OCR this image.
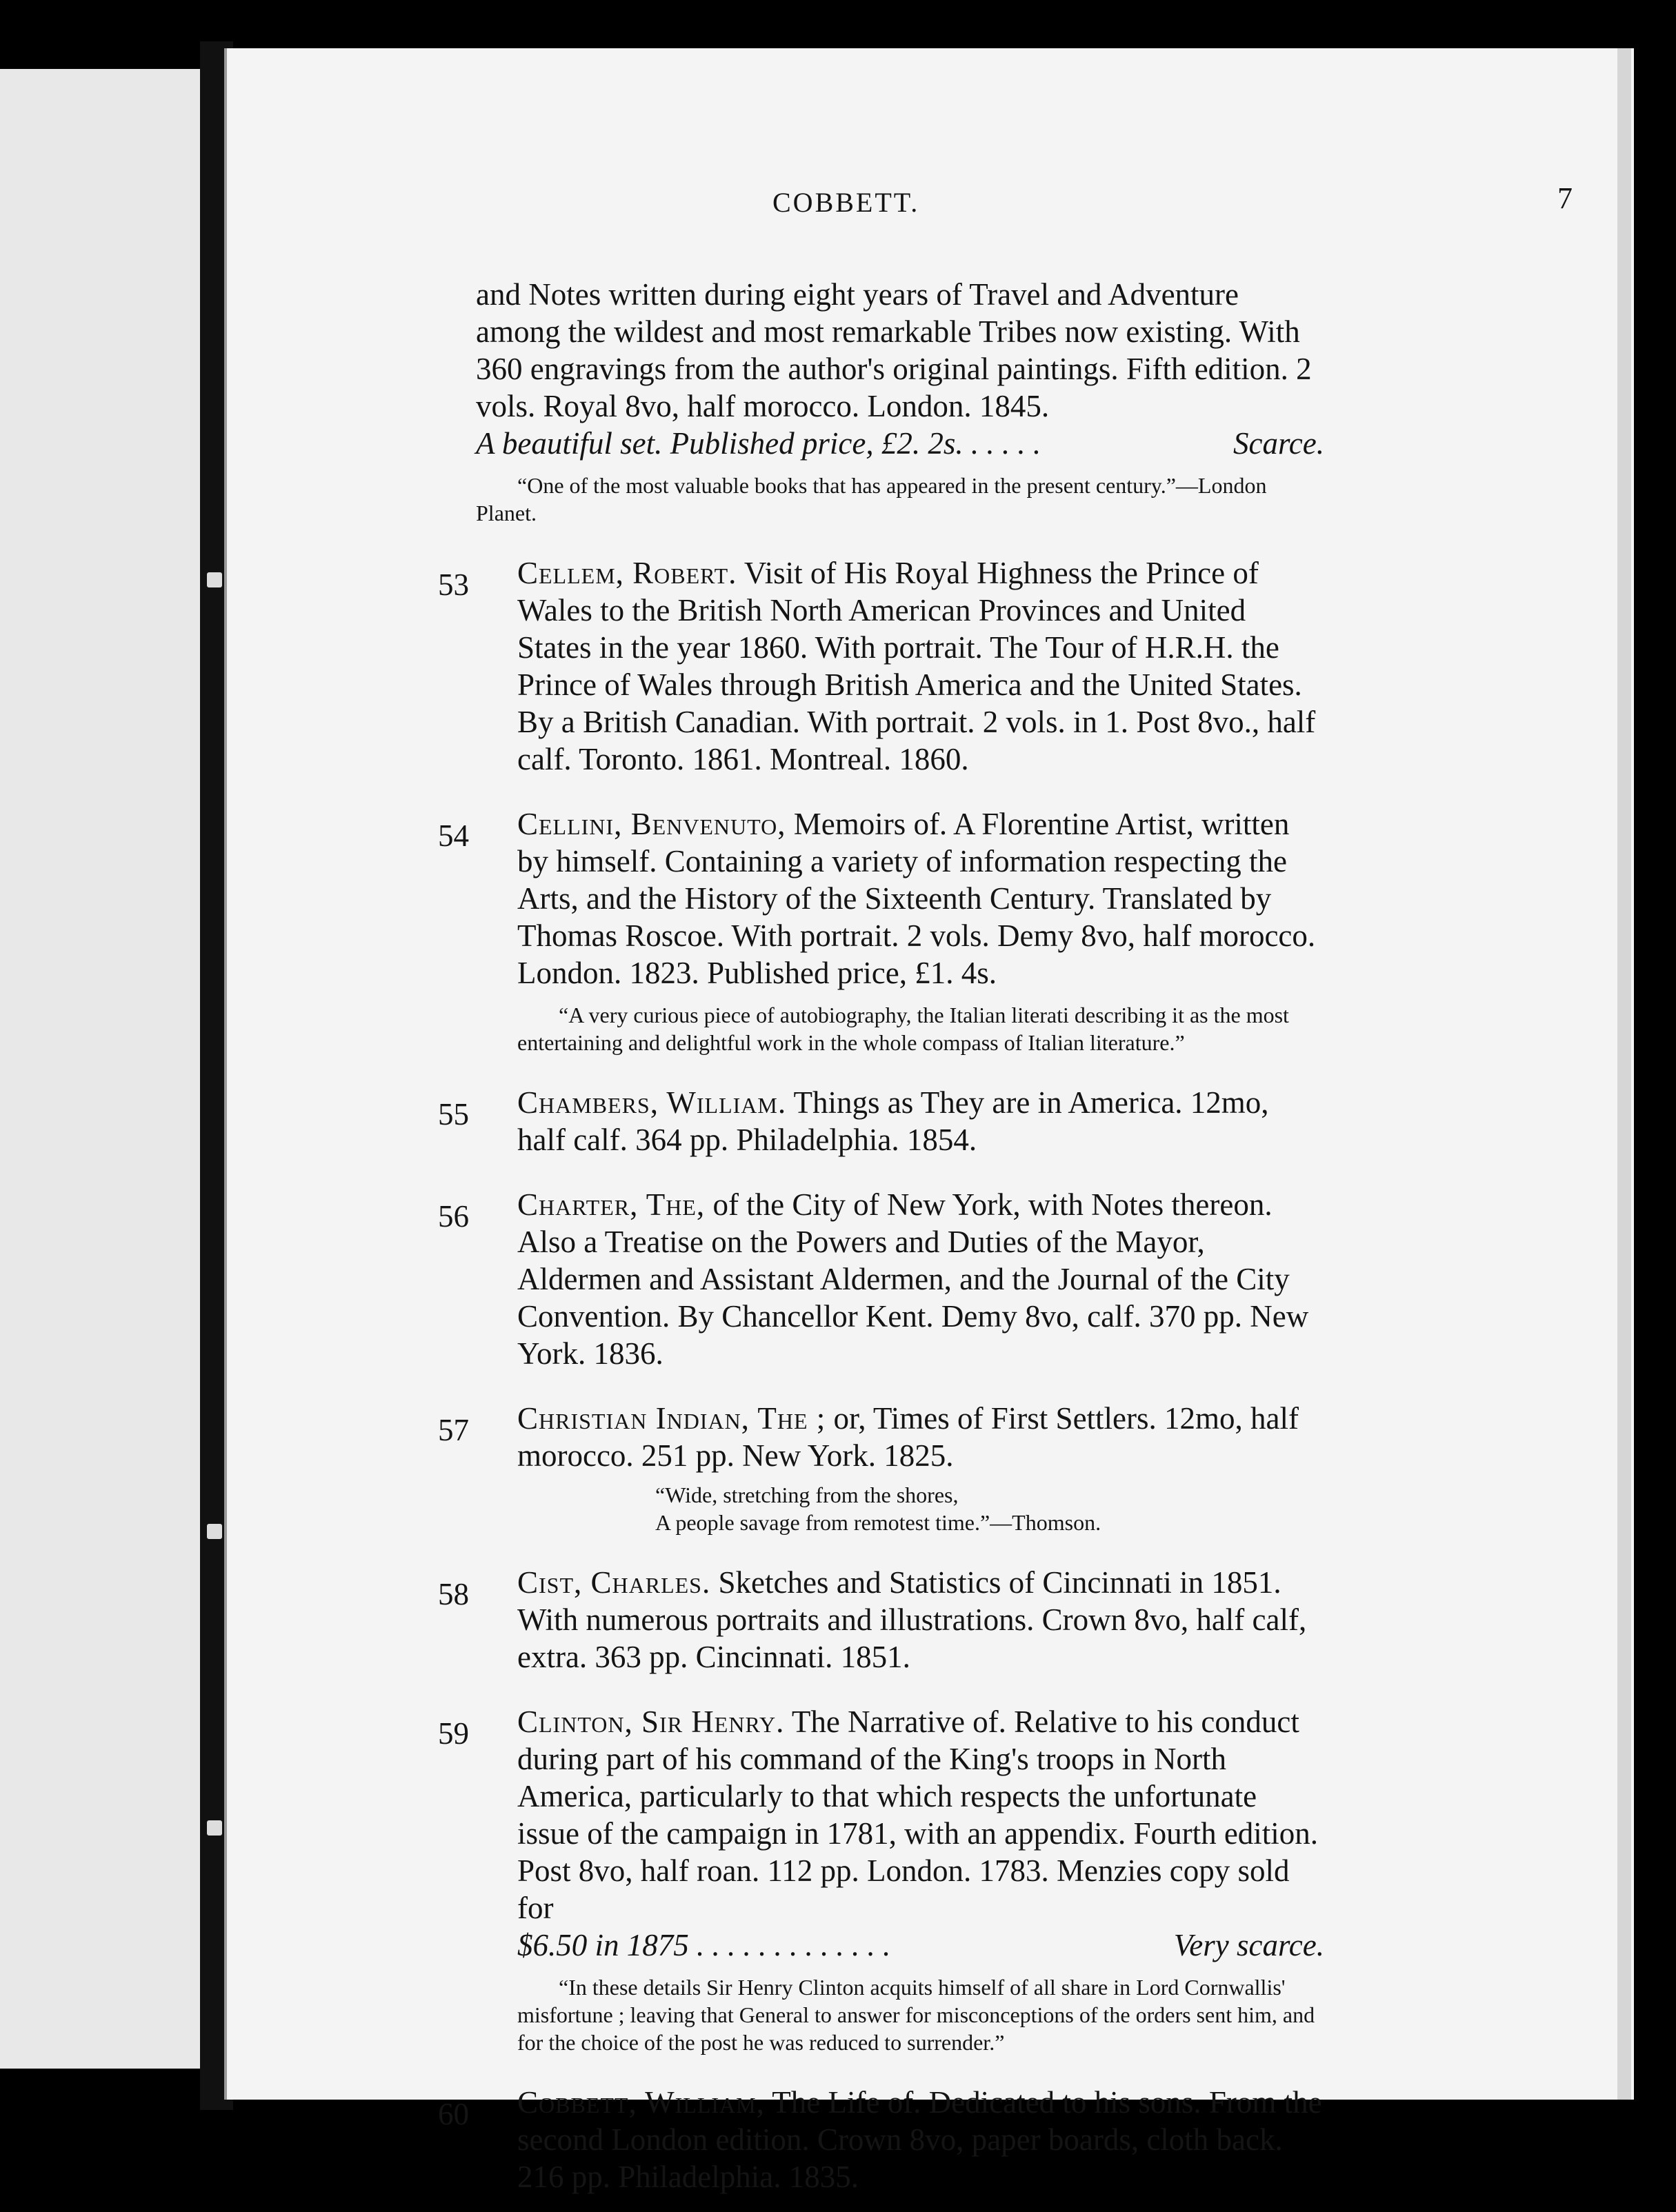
COBBETT.	7

and Notes written during eight years of Travel and Adventure among the wildest and most remarkable Tribes now existing. With 360 engravings from the author's original paintings. Fifth edition. 2 vols. Royal 8vo, half morocco. London. 1845.

A beautiful set. Published price, £2. 2s. . . . . .	Scarce.

“One of the most valuable books that has appeared in the present century.”—London Planet.

53 Cellem, Robert. Visit of His Royal Highness the Prince of Wales to the British North American Provinces and United States in the year 1860. With portrait. The Tour of H.R.H. the Prince of Wales through British America and the United States. By a British Canadian. With portrait. 2 vols. in 1. Post 8vo., half calf. Toronto. 1861. Montreal. 1860.

54 Cellini, Benvenuto, Memoirs of. A Florentine Artist, written by himself. Containing a variety of information respecting the Arts, and the History of the Sixteenth Century. Translated by Thomas Roscoe. With portrait. 2 vols. Demy 8vo, half morocco. London. 1823. Published price, £1. 4s.

“A very curious piece of autobiography, the Italian literati describing it as the most entertaining and delightful work in the whole compass of Italian literature.”

55 Chambers, William. Things as They are in America. 12mo, half calf. 364 pp. Philadelphia. 1854.

56 Charter, The, of the City of New York, with Notes thereon. Also a Treatise on the Powers and Duties of the Mayor, Aldermen and Assistant Aldermen, and the Journal of the City Convention. By Chancellor Kent. Demy 8vo, calf. 370 pp. New York. 1836.

57 Christian Indian, The ; or, Times of First Settlers. 12mo, half morocco. 251 pp. New York. 1825.

“Wide, stretching from the shores,

A people savage from remotest time.”—Thomson.

58 Cist, Charles. Sketches and Statistics of Cincinnati in 1851. With numerous portraits and illustrations. Crown 8vo, half calf, extra. 363 pp. Cincinnati. 1851.

59 Clinton, Sir Henry. The Narrative of. Relative to his conduct during part of his command of the King's troops in North America, particularly to that which respects the unfortunate issue of the campaign in 1781, with an appendix. Fourth edition. Post 8vo, half roan. 112 pp. London. 1783. Menzies copy sold for

$6.50 in 1875 . . . . . . . . . . . . .	Very scarce.

“In these details Sir Henry Clinton acquits himself of all share in Lord Cornwallis' misfortune ; leaving that General to answer for misconceptions of the orders sent him, and for the choice of the post he was reduced to surrender.”

60 Cobbett, William, The Life of. Dedicated to his sons. From the second London edition. Crown 8vo, paper boards, cloth back. 216 pp. Philadelphia. 1835.
